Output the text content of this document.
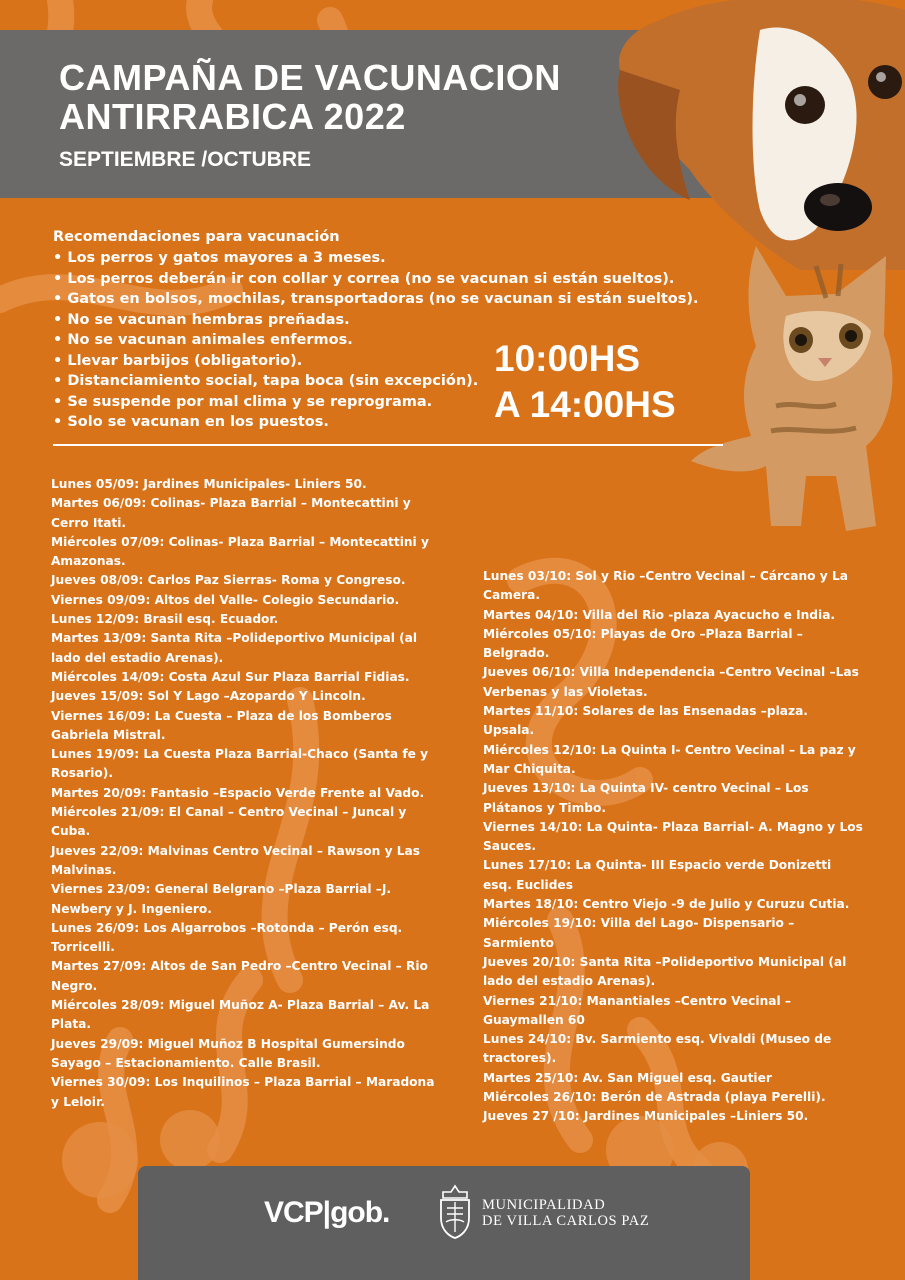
CAMPAÑA DE VACUNACION
ANTIRRABICA 2022
SEPTIEMBRE /OCTUBRE
Recomendaciones para vacunación
• Los perros y gatos mayores a 3 meses.
• Los perros deberán ir con collar y correa (no se vacunan si están sueltos).
• Gatos en bolsos, mochilas, transportadoras (no se vacunan si están sueltos).
• No se vacunan hembras preñadas.
• No se vacunan animales enfermos.
• Llevar barbijos (obligatorio).
• Distanciamiento social, tapa boca (sin excepción).
• Se suspende por mal clima y se reprograma.
• Solo se vacunan en los puestos.
10:00HS
A 14:00HS

Lunes 05/09: Jardines Municipales- Liniers 50.

Martes 06/09: Colinas- Plaza Barrial – Montecattini y Cerro Itati.

Miércoles 07/09: Colinas- Plaza Barrial – Montecattini y Amazonas.

Jueves 08/09: Carlos Paz Sierras- Roma y Congreso.

Viernes 09/09: Altos del Valle- Colegio Secundario.

Lunes 12/09: Brasil esq. Ecuador.

Martes 13/09: Santa Rita –Polideportivo Municipal (al lado del estadio Arenas).

Miércoles 14/09: Costa Azul Sur Plaza Barrial Fidias.

Jueves 15/09: Sol Y Lago –Azopardo Y Lincoln.

Viernes 16/09: La Cuesta – Plaza de los Bomberos Gabriela Mistral.

Lunes 19/09: La Cuesta Plaza Barrial-Chaco (Santa fe y Rosario).

Martes 20/09: Fantasio –Espacio Verde Frente al Vado.

Miércoles 21/09: El Canal – Centro Vecinal – Juncal y Cuba.

Jueves 22/09: Malvinas Centro Vecinal – Rawson y Las Malvinas.

Viernes 23/09: General Belgrano –Plaza Barrial –J. Newbery y J. Ingeniero.

Lunes 26/09: Los Algarrobos –Rotonda – Perón esq. Torricelli.

Martes 27/09: Altos de San Pedro –Centro Vecinal – Rio Negro.

Miércoles 28/09: Miguel Muñoz A- Plaza Barrial – Av. La Plata.

Jueves 29/09: Miguel Muñoz B Hospital Gumersindo Sayago – Estacionamiento. Calle Brasil.

Viernes 30/09: Los Inquilinos – Plaza Barrial – Maradona y Leloir.

Lunes 03/10: Sol y Rio –Centro Vecinal – Cárcano y La Camera.

Martes 04/10: Villa del Rio -plaza Ayacucho e India.

Miércoles 05/10: Playas de Oro –Plaza Barrial –Belgrado.

Jueves 06/10: Villa Independencia –Centro Vecinal –Las Verbenas y las Violetas.

Martes 11/10: Solares de las Ensenadas –plaza. Upsala.

Miércoles 12/10: La Quinta I- Centro Vecinal – La paz y Mar Chiquita.

Jueves 13/10: La Quinta IV- centro Vecinal – Los Plátanos y Timbo.

Viernes 14/10: La Quinta- Plaza Barrial- A. Magno y Los Sauces.

Lunes 17/10: La Quinta- III Espacio verde Donizetti esq. Euclides

Martes 18/10: Centro Viejo -9 de Julio y Curuzu Cutia.

Miércoles 19/10: Villa del Lago- Dispensario –Sarmiento

Jueves 20/10: Santa Rita –Polideportivo Municipal (al lado del estadio Arenas).

Viernes 21/10: Manantiales –Centro Vecinal – Guaymallen 60

Lunes 24/10: Bv. Sarmiento esq. Vivaldi (Museo de tractores).

Martes 25/10: Av. San Miguel esq. Gautier

Miércoles 26/10: Berón de Astrada (playa Perelli).

Jueves 27 /10: Jardines Municipales –Liniers 50.

VCP|gob.	MUNICIPALIDAD
DE VILLA CARLOS PAZ
